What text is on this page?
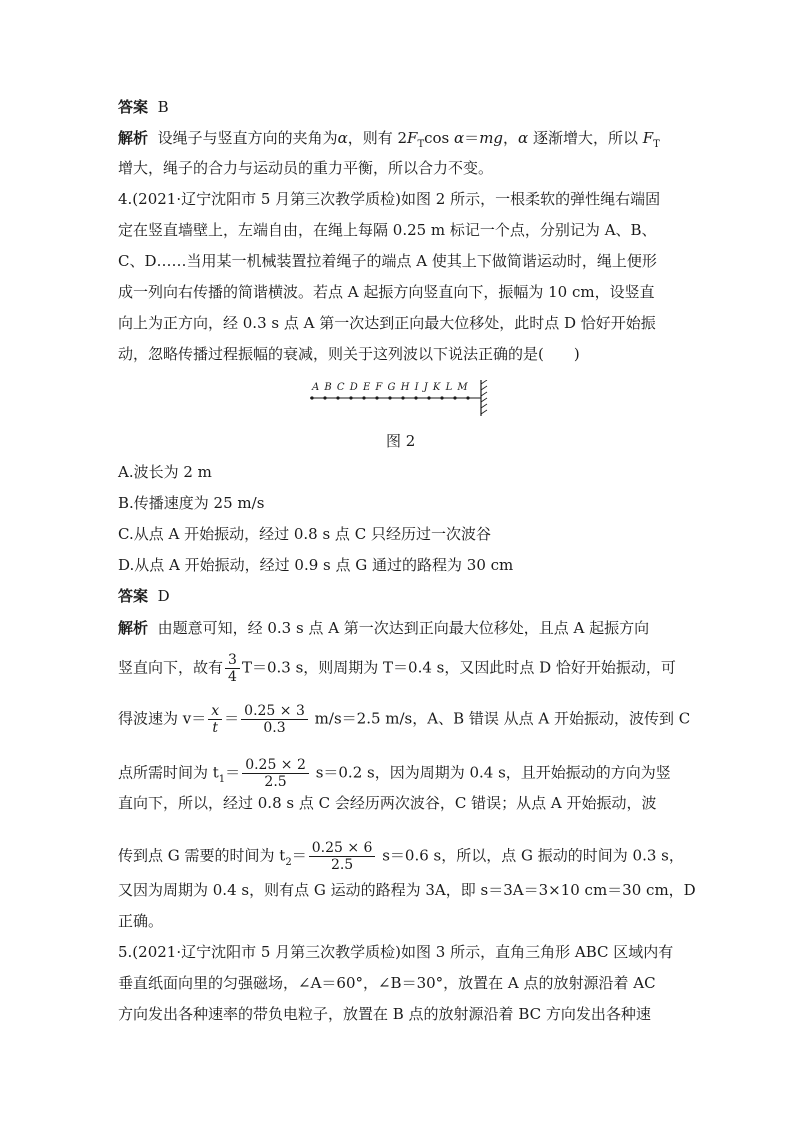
答案 B
解析 设绳子与竖直方向的夹角为α，则有 $2F_T\cos$ α＝mg，α 逐渐增大，所以 $F_T$
增大，绳子的合力与运动员的重力平衡，所以合力不变。
4.(2021·辽宁沈阳市 5 月第三次教学质检)如图 2 所示，一根柔软的弹性绳右端固
定在竖直墙壁上，左端自由，在绳上每隔 0.25 m 标记一个点，分别记为 A、B、
C、D……当用某一机械装置拉着绳子的端点 A 使其上下做简谐运动时，绳上便形
成一列向右传播的简谐横波。若点 A 起振方向竖直向下，振幅为 10 cm，设竖直
向上为正方向，经 0.3 s 点 A 第一次达到正向最大位移处，此时点 D 恰好开始振
动，忽略传播过程振幅的衰减，则关于这列波以下说法正确的是(　　)
A B C D E F G H I J K L M
图 2
A.波长为 2 m
B.传播速度为 25 m/s
C.从点 A 开始振动，经过 0.8 s 点 C 只经历过一次波谷
D.从点 A 开始振动，经过 0.9 s 点 G 通过的路程为 30 cm
答案 D
解析 由题意可知，经 0.3 s 点 A 第一次达到正向最大位移处，且点 A 起振方向
竖直向下，故有 $\frac{3}{4} T=0.3$ s，则周期为 T＝0.4 s，又因此时点 D 恰好开始振动，可
得波速为 $v= \frac{x}{t} = \frac{0.25 \times 3}{0.3} m/s=2.5$ m/s，A、B 错误 从点 A 开始振动，波传到 C
点所需时间为 $t_1= \frac{0.25 \times 2}{2.5} s=0.2$ s，因为周期为 0.4 s，且开始振动的方向为竖
直向下，所以，经过 0.8 s 点 C 会经历两次波谷，C 错误；从点 A 开始振动，波
传到点 G 需要的时间为 $t_2= \frac{0.25 \times 6}{2.5} s=0.6$ s，所以，点 G 振动的时间为 0.3 s，
又因为周期为 0.4 s，则有点 G 运动的路程为 3A，即 s＝3A＝3×10 cm＝30 cm，D
正确。
5.(2021·辽宁沈阳市 5 月第三次教学质检)如图 3 所示，直角三角形 ABC 区域内有
垂直纸面向里的匀强磁场，∠A＝60°，∠B＝30°，放置在 A 点的放射源沿着 AC
方向发出各种速率的带负电粒子，放置在 B 点的放射源沿着 BC 方向发出各种速
